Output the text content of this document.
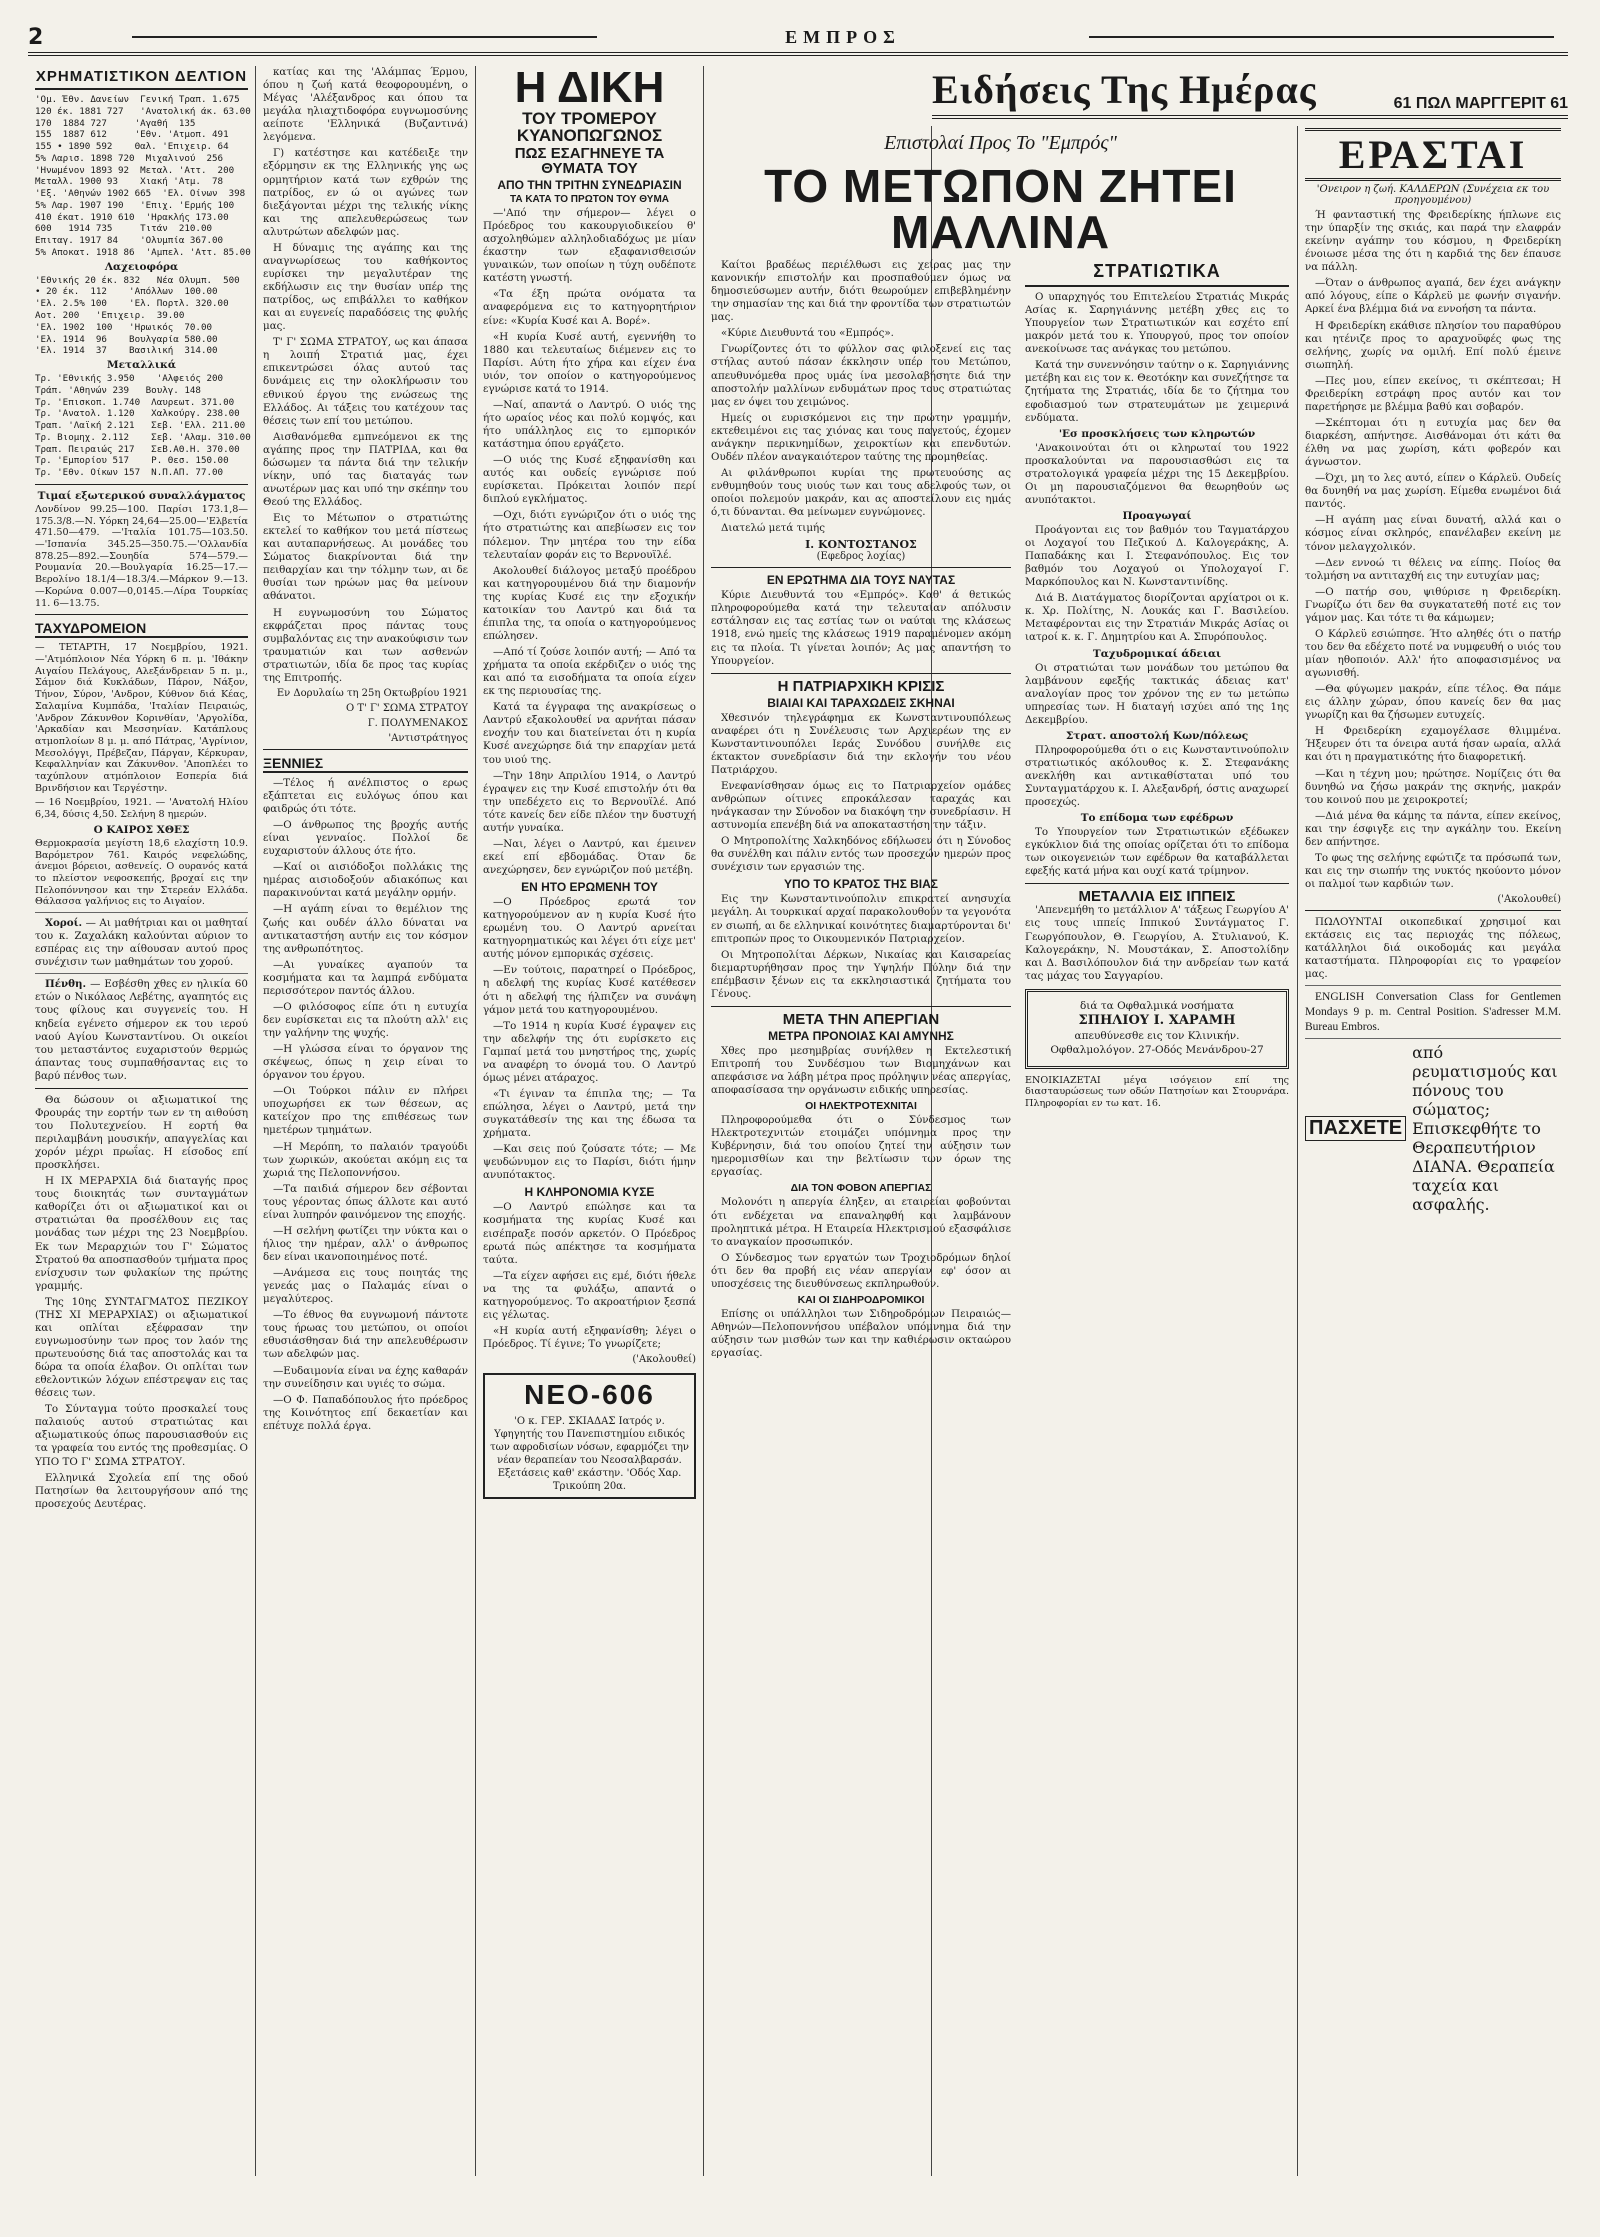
2	ΕΜΠΡΟΣ
ΧΡΗΜΑΤΙΣΤΙΚΟΝ ΔΕΛΤΙΟΝ
'Ομ. Έθν. Δανείων  Γενική Τραπ. 1.675
120 έκ. 1881 727   'Ανατολική άκ. 63.00
170  1884 727     'Αγαθή  135
155  1887 612     'Εθν. 'Ατμοπ. 491
155 • 1890 592    Θαλ. 'Επιχειρ. 64
5% Λαρισ. 1898 720  Μιχαλινού  256
'Ηνωμένον 1893 92  Μεταλ. 'Αττ.  200
Μεταλλ. 1900 93    Χιακή 'Ατμ.  78
'Εξ. 'Αθηνών 1902 665  'Ελ. Οίνων  398
5% Λαρ. 1907 190   'Επιχ. 'Ερμής 100
410 έκατ. 1910 610  'Ηρακλής 173.00
600   1914 735     Τιτάν  210.00
Επιταγ. 1917 84    'Ολυμπία 367.00
5% Αποκατ. 1918 86  'Αμπελ. 'Αττ. 85.00
Λαχειοφόρα
'Εθνικής 20 έκ. 832   Νέα Ολυμπ.  500
• 20 έκ.  112    'Απόλλων  100.00
'Ελ. 2.5% 100    'Ελ. Πορτλ. 320.00
Αοτ. 200   'Επιχειρ.  39.00
'Ελ. 1902  100   'Ηρωικός  70.00
'Ελ. 1914  96    Βουλγαρία 580.00
'Ελ. 1914  37    Βασιλική  314.00
Μεταλλικά
Τρ. 'Εθνικής 3.950    'Αλφειός 200
Τράπ. 'Αθηνών 239   Βουλγ. 148
Τρ. 'Επισκοπ. 1.740  Λαυρεωτ. 371.00
Τρ. 'Ανατολ. 1.120   Χαλκούργ. 238.00
Τραπ. 'Λαϊκή 2.121   Σεβ. 'Ελλ. 211.00
Τρ. Βιομηχ. 2.112    Σεβ. 'Αλαμ. 310.00
Τραπ. Πειραιώς 217   ΣεΒ.ΑΘ.Η. 370.00
Τρ. 'Εμπορίου 517    Ρ. Θεσ. 150.00
Τρ. 'Εθν. Οίκων 157  Ν.Π.ΑΠ. 77.00
Τιμαί εξωτερικού συναλλάγματος

Λονδίνον 99.25—100. Παρίσι 173.1,8—175.3/8.—Ν. Υόρκη 24,64—25.00—'Ελβετία 471.50—479. —'Ιταλία 101.75—103.50. —'Ισπανία 345.25—350.75.—'Ολλανδία 878.25—892.—Σουηδία 574—579.—Ρουμανία 20.—Βουλγαρία 16.25—17.—Βερολίνο 18.1/4—18.3/4.—Μάρκον 9.—13.—Κορώνα 0.007—0,0145.—Λίρα Τουρκίας 11. 6—13.75.

ΤΑΧΥΔΡΟΜΕΙΟΝ

— ΤΕΤΑΡΤΗ, 17 Νοεμβρίου, 1921. —'Ατμόπλοιον Νέα Υόρκη 6 π. μ. 'Ιθάκην Αιγαίου Πελάγους, Αλεξάνδρειαν 5 π. μ., Σάμον διά Κυκλάδων, Πάρον, Νάξον, Τήνον, Σύρον, 'Ανδρον, Κύθνον διά Κέας, Σαλαμίνα Κυμπάδα, 'Ιταλίαν Πειραιώς, 'Ανδρον Ζάκυνθον Κορινθίαν, 'Αργολίδα, 'Αρκαδίαν και Μεσσηνίαν. Κατάπλους ατμοπλοίων 8 μ. μ. από Πάτρας, 'Αγρίνιον, Μεσολόγγι, Πρέβεζαν, Πάργαν, Κέρκυραν, Κεφαλληνίαν και Ζάκυνθον. 'Αποπλέει το ταχύπλουν ατμόπλοιον Εσπερία διά Βρινδήσιον και Τεργέστην.

— 16 Νοεμβρίου, 1921. — 'Ανατολή Ηλίου 6,34, δύσις 4,50. Σελήνη 8 ημερών.

Ο ΚΑΙΡΟΣ ΧΘΕΣ

Θερμοκρασία μεγίστη 18,6 ελαχίστη 10.9. Βαρόμετρον 761. Καιρός νεφελώδης, άνεμοι βόρειοι, ασθενείς. Ο ουρανός κατά το πλείστον νεφοσκεπής, βροχαί εις την Πελοπόννησον και την Στερεάν Ελλάδα. Θάλασσα γαλήνιος εις το Αιγαίον.

Χοροί. — Αι μαθήτριαι και οι μαθηταί του κ. Ζαχαλάκη καλούνται αύριον το εσπέρας εις την αίθουσαν αυτού προς συνέχισιν των μαθημάτων του χορού.

Πένθη. — Εσβέσθη χθες εν ηλικία 60 ετών ο Νικόλαος Λεβέτης, αγαπητός εις τους φίλους και συγγενείς του. Η κηδεία εγένετο σήμερον εκ του ιερού ναού Αγίου Κωνσταντίνου. Οι οικείοι του μεταστάντος ευχαριστούν θερμώς άπαντας τους συμπαθήσαντας εις το βαρύ πένθος των.

Θα δώσουν οι αξιωματικοί της Φρουράς την εορτήν των εν τη αιθούση του Πολυτεχνείου. Η εορτή θα περιλαμβάνη μουσικήν, απαγγελίας και χορόν μέχρι πρωΐας. Η είσοδος επί προσκλήσει.

Η ΙΧ ΜΕΡΑΡΧΙΑ διά διαταγής προς τους διοικητάς των συνταγμάτων καθορίζει ότι οι αξιωματικοί και οι στρατιώται θα προσέλθουν εις τας μονάδας των μέχρι της 23 Νοεμβρίου. Εκ των Μεραρχιών του Γ' Σώματος Στρατού θα αποσπασθούν τμήματα προς ενίσχυσιν των φυλακίων της πρώτης γραμμής.

Της 10ης ΣΥΝΤΑΓΜΑΤΟΣ ΠΕΖΙΚΟΥ (ΤΗΣ ΧΙ ΜΕΡΑΡΧΙΑΣ) οι αξιωματικοί και οπλίται εξέφρασαν την ευγνωμοσύνην των προς τον λαόν της πρωτευούσης διά τας αποστολάς και τα δώρα τα οποία έλαβον. Οι οπλίται των εθελοντικών λόχων επέστρεψαν εις τας θέσεις των.

Το Σύνταγμα τούτο προσκαλεί τους παλαιούς αυτού στρατιώτας και αξιωματικούς όπως παρουσιασθούν εις τα γραφεία του εντός της προθεσμίας. Ο ΥΠΟ ΤΟ Γ' ΣΩΜΑ ΣΤΡΑΤΟΥ.

Ελληνικά Σχολεία επί της οδού Πατησίων θα λειτουργήσουν από της προσεχούς Δευτέρας.

κατίας και της 'Αλάμπας Έρμου, όπου η ζωή κατά θεοφορουμένη, ο Μέγας 'Αλέξανδρος και όπου τα μεγάλα ηλιαχτιδοφόρα ευγνωμοσύνης αείποτε 'Ελληνικά (Βυζαντινά) λεγόμενα.

Γ) κατέστησε και κατέδειξε την εξόρμησιν εκ της Ελληνικής γης ως ορμητήριον κατά των εχθρών της πατρίδος, εν ώ οι αγώνες των διεξάγονται μέχρι της τελικής νίκης και της απελευθερώσεως των αλυτρώτων αδελφών μας.

Η δύναμις της αγάπης και της αναγνωρίσεως του καθήκοντος ευρίσκει την μεγαλυτέραν της εκδήλωσιν εις την θυσίαν υπέρ της πατρίδος, ως επιβάλλει το καθήκον και αι ευγενείς παραδόσεις της φυλής μας.

Τ' Γ' ΣΩΜΑ ΣΤΡΑΤΟΥ, ως και άπασα η λοιπή Στρατιά μας, έχει επικεντρώσει όλας αυτού τας δυνάμεις εις την ολοκλήρωσιν του εθνικού έργου της ενώσεως της Ελλάδος. Αι τάξεις του κατέχουν τας θέσεις των επί του μετώπου.

Αισθανόμεθα εμπνεόμενοι εκ της αγάπης προς την ΠΑΤΡΙΔΑ, και θα δώσωμεν τα πάντα διά την τελικήν νίκην, υπό τας διαταγάς των ανωτέρων μας και υπό την σκέπην του Θεού της Ελλάδος.

Εις το Μέτωπον ο στρατιώτης εκτελεί το καθήκον του μετά πίστεως και αυταπαρνήσεως. Αι μονάδες του Σώματος διακρίνονται διά την πειθαρχίαν και την τόλμην των, αι δε θυσίαι των ηρώων μας θα μείνουν αθάνατοι.

Η ευγνωμοσύνη του Σώματος εκφράζεται προς πάντας τους συμβαλόντας εις την ανακούφισιν των τραυματιών και των ασθενών στρατιωτών, ιδία δε προς τας κυρίας της Επιτροπής.

Εν Δορυλαίω τη 25η Οκτωβρίου 1921
Ο Τ' Γ' ΣΩΜΑ ΣΤΡΑΤΟΥ
Γ. ΠΟΛΥΜΕΝΑΚΟΣ
'Αντιστράτηγος
ΞΕΝΝΙΕΣ

—Τέλος ή ανέλπιστος ο ερως εξάπτεται εις ευλόγως όπου και φαιδρώς ότι τότε.

—Ο άνθρωπος της βροχής αυτής είναι γενναίος. Πολλοί δε ευχαριστούν άλλους ότε ήτο.

—Καί οι αισιόδοξοι πολλάκις της ημέρας αισιοδοξούν αδιακόπως και παρακινούνται κατά μεγάλην ορμήν.

—Η αγάπη είναι το θεμέλιον της ζωής και ουδέν άλλο δύναται να αντικαταστήση αυτήν εις τον κόσμον της ανθρωπότητος.

—Αι γυναίκες αγαπούν τα κοσμήματα και τα λαμπρά ενδύματα περισσότερον παντός άλλου.

—Ο φιλόσοφος είπε ότι η ευτυχία δεν ευρίσκεται εις τα πλούτη αλλ' εις την γαλήνην της ψυχής.

—Η γλώσσα είναι το όργανον της σκέψεως, όπως η χειρ είναι το όργανον του έργου.

—Οι Τούρκοι πάλιν εν πλήρει υποχωρήσει εκ των θέσεων, ας κατείχον προ της επιθέσεως των ημετέρων τμημάτων.

—Η Μερόπη, το παλαιόν τραγούδι των χωρικών, ακούεται ακόμη εις τα χωριά της Πελοποννήσου.

—Τα παιδιά σήμερον δεν σέβονται τους γέροντας όπως άλλοτε και αυτό είναι λυπηρόν φαινόμενον της εποχής.

—Η σελήνη φωτίζει την νύκτα και ο ήλιος την ημέραν, αλλ' ο άνθρωπος δεν είναι ικανοποιημένος ποτέ.

—Ανάμεσα εις τους ποιητάς της γενεάς μας ο Παλαμάς είναι ο μεγαλύτερος.

—Το έθνος θα ευγνωμονή πάντοτε τους ήρωας του μετώπου, οι οποίοι εθυσιάσθησαν διά την απελευθέρωσιν των αδελφών μας.

—Ευδαιμονία είναι να έχης καθαράν την συνείδησιν και υγιές το σώμα.

—Ο Φ. Παπαδόπουλος ήτο πρόεδρος της Κοινότητος επί δεκαετίαν και επέτυχε πολλά έργα.

Η ΔΙΚΗ
ΤΟΥ ΤΡΟΜΕΡΟΥ ΚΥΑΝΟΠΩΓΩΝΟΣ
ΠΩΣ ΕΣΑΓΗΝΕΥΕ ΤΑ ΘΥΜΑΤΑ ΤΟΥ
ΑΠΟ ΤΗΝ ΤΡΙΤΗΝ ΣΥΝΕΔΡΙΑΣΙΝ
ΤΑ ΚΑΤΑ ΤΟ ΠΡΩΤΟΝ ΤΟΥ ΘΥΜΑ

—'Από την σήμερον— λέγει ο Πρόεδρος του κακουργιοδικείου θ' ασχοληθώμεν αλληλοδιαδόχως με μίαν έκαστην των εξαφανισθεισών γυναικών, των οποίων η τύχη ουδέποτε κατέστη γνωστή.

«Τα έξη πρώτα ονόματα τα αναφερόμενα εις το κατηγορητήριον είνε: «Κυρία Κυσέ και Α. Βορέ».

«Η κυρία Κυσέ αυτή, εγεννήθη το 1880 και τελευταίως διέμενεν εις το Παρίσι. Αύτη ήτο χήρα και είχεν ένα υιόν, τον οποίον ο κατηγορούμενος εγνώρισε κατά το 1914.

—Ναί, απαντά ο Λαντρύ. Ο υιός της ήτο ωραίος νέος και πολύ κομψός, και ήτο υπάλληλος εις το εμπορικόν κατάστημα όπου εργάζετο.

—Ο υιός της Κυσέ εξηφανίσθη και αυτός και ουδείς εγνώρισε πού ευρίσκεται. Πρόκειται λοιπόν περί διπλού εγκλήματος.

—Οχι, διότι εγνώριζον ότι ο υιός της ήτο στρατιώτης και απεβίωσεν εις τον πόλεμον. Την μητέρα του την είδα τελευταίαν φοράν εις το Βερνουϊλέ.

Ακολουθεί διάλογος μεταξύ προέδρου και κατηγορουμένου διά την διαμονήν της κυρίας Κυσέ εις την εξοχικήν κατοικίαν του Λαντρύ και διά τα έπιπλα της, τα οποία ο κατηγορούμενος επώλησεν.

—Από τί ζούσε λοιπόν αυτή; — Από τα χρήματα τα οποία εκέρδιζεν ο υιός της και από τα εισοδήματα τα οποία είχεν εκ της περιουσίας της.

Κατά τα έγγραφα της ανακρίσεως ο Λαντρύ εξακολουθεί να αρνήται πάσαν ενοχήν του και διατείνεται ότι η κυρία Κυσέ ανεχώρησε διά την επαρχίαν μετά του υιού της.

—Την 18ην Απριλίου 1914, ο Λαντρύ έγραψεν εις την Κυσέ επιστολήν ότι θα την υπεδέχετο εις το Βερνουϊλέ. Από τότε κανείς δεν είδε πλέον την δυστυχή αυτήν γυναίκα.

—Ναι, λέγει ο Λαντρύ, και έμεινεν εκεί επί εβδομάδας. Όταν δε ανεχώρησεν, δεν εγνώριζον πού μετέβη.

ΕΝ ΗΤΟ ΕΡΩΜΕΝΗ ΤΟΥ

—Ο Πρόεδρος ερωτά τον κατηγορούμενον αν η κυρία Κυσέ ήτο ερωμένη του. Ο Λαντρύ αρνείται κατηγορηματικώς και λέγει ότι είχε μετ' αυτής μόνον εμπορικάς σχέσεις.

—Εν τούτοις, παρατηρεί ο Πρόεδρος, η αδελφή της κυρίας Κυσέ κατέθεσεν ότι η αδελφή της ήλπιζεν να συνάψη γάμον μετά του κατηγορουμένου.

—Το 1914 η κυρία Κυσέ έγραψεν εις την αδελφήν της ότι ευρίσκετο εις Γαμπαί μετά του μνηστήρος της, χωρίς να αναφέρη το όνομά του. Ο Λαντρύ όμως μένει ατάραχος.

«Τι έγιναν τα έπιπλα της; — Τα επώλησα, λέγει ο Λαντρύ, μετά την συγκατάθεσίν της και της έδωσα τα χρήματα.

—Και σεις πού ζούσατε τότε; — Με ψευδώνυμον εις το Παρίσι, διότι ήμην ανυπότακτος.

Η ΚΛΗΡΟΝΟΜΙΑ ΚΥΣΕ

—Ο Λαντρύ επώλησε και τα κοσμήματα της κυρίας Κυσέ και εισέπραξε ποσόν αρκετόν. Ο Πρόεδρος ερωτά πώς απέκτησε τα κοσμήματα ταύτα.

—Τα είχεν αφήσει εις εμέ, διότι ήθελε να της τα φυλάξω, απαντά ο κατηγορούμενος. Το ακροατήριον ξεσπά εις γέλωτας.

«Η κυρία αυτή εξηφανίσθη; λέγει ο Πρόεδρος. Τί έγινε; Το γνωρίζετε;

('Ακολουθεί)
ΝΕΟ-606
'Ο κ. ΓΕΡ. ΣΚΙΑΔΑΣ Ιατρός ν. Υφηγητής του Πανεπιστημίου ειδικός των αφροδισίων νόσων, εφαρμόζει την νέαν θεραπείαν του Νεοσαλβαρσάν. Εξετάσεις καθ' εκάστην. 'Οδός Χαρ. Τρικούπη 20α.
Ειδήσεις Της Ημέρας	61 ΠΩΛ ΜΑΡΓΓΕΡΙΤ 61
Επιστολαί Προς Το "Εμπρός"
ΤΟ ΜΕΤΩΠΟΝ ΖΗΤΕΙ ΜΑΛΛΙΝΑ

Καίτοι βραδέως περιέλθωσι εις χείρας μας την κανονικήν επιστολήν και προσπαθούμεν όμως να δημοσιεύσωμεν αυτήν, διότι θεωρούμεν επιβεβλημένην την σημασίαν της και διά την φροντίδα των στρατιωτών μας.

«Κύριε Διευθυντά του «Εμπρός».

Γνωρίζοντες ότι το φύλλον σας φιλοξενεί εις τας στήλας αυτού πάσαν έκκλησιν υπέρ του Μετώπου, απευθυνόμεθα προς υμάς ίνα μεσολαβήσητε διά την αποστολήν μαλλίνων ενδυμάτων προς τους στρατιώτας μας εν όψει του χειμώνος.

Ημείς οι ευρισκόμενοι εις την πρώτην γραμμήν, εκτεθειμένοι εις τας χιόνας και τους παγετούς, έχομεν ανάγκην περικνημίδων, χειροκτίων και επενδυτών. Ουδέν πλέον αναγκαιότερον ταύτης της προμηθείας.

Αι φιλάνθρωποι κυρίαι της πρωτευούσης ας ενθυμηθούν τους υιούς των και τους αδελφούς των, οι οποίοι πολεμούν μακράν, και ας αποστείλουν εις ημάς ό,τι δύνανται. Θα μείνωμεν ευγνώμονες.

Διατελώ μετά τιμής

Ι. ΚΟΝΤΟΣΤΑΝΟΣ
(Εφεδρος λοχίας)
ΕΝ ΕΡΩΤΗΜΑ ΔΙΑ ΤΟΥΣ ΝΑΥΤΑΣ

Κύριε Διευθυντά του «Εμπρός». Καθ' ά θετικώς πληροφορούμεθα κατά την τελευταίαν απόλυσιν εστάλησαν εις τας εστίας των οι ναύται της κλάσεως 1918, ενώ ημείς της κλάσεως 1919 παραμένομεν ακόμη εις τα πλοία. Τι γίνεται λοιπόν; Ας μας απαντήση το Υπουργείον.

Η ΠΑΤΡΙΑΡΧΙΚΗ ΚΡΙΣΙΣ
ΒΙΑΙΑΙ ΚΑΙ ΤΑΡΑΧΩΔΕΙΣ ΣΚΗΝΑΙ

Χθεσινόν τηλεγράφημα εκ Κωνσταντινουπόλεως αναφέρει ότι η Συνέλευσις των Αρχιερέων της εν Κωνσταντινουπόλει Ιεράς Συνόδου συνήλθε εις έκτακτον συνεδρίασιν διά την εκλογήν του νέου Πατριάρχου.

Ενεφανίσθησαν όμως εις το Πατριαρχείον ομάδες ανθρώπων οίτινες επροκάλεσαν ταραχάς και ηνάγκασαν την Σύνοδον να διακόψη την συνεδρίασιν. Η αστυνομία επενέβη διά να αποκαταστήση την τάξιν.

Ο Μητροπολίτης Χαλκηδόνος εδήλωσεν ότι η Σύνοδος θα συνέλθη και πάλιν εντός των προσεχών ημερών προς συνέχισιν των εργασιών της.

ΥΠΟ ΤΟ ΚΡΑΤΟΣ ΤΗΣ ΒΙΑΣ

Εις την Κωνσταντινούπολιν επικρατεί ανησυχία μεγάλη. Αι τουρκικαί αρχαί παρακολουθούν τα γεγονότα εν σιωπή, αι δε ελληνικαί κοινότητες διαμαρτύρονται δι' επιτροπών προς το Οικουμενικόν Πατριαρχείον.

Οι Μητροπολίται Δέρκων, Νικαίας και Καισαρείας διεμαρτυρήθησαν προς την Υψηλήν Πύλην διά την επέμβασιν ξένων εις τα εκκλησιαστικά ζητήματα του Γένους.

ΜΕΤΑ ΤΗΝ ΑΠΕΡΓΙΑΝ
ΜΕΤΡΑ ΠΡΟΝΟΙΑΣ ΚΑΙ ΑΜΥΝΗΣ

Χθες προ μεσημβρίας συνήλθεν η Εκτελεστική Επιτροπή του Συνδέσμου των Βιομηχάνων και απεφάσισε να λάβη μέτρα προς πρόληψιν νέας απεργίας, αποφασίσασα την οργάνωσιν ειδικής υπηρεσίας.

ΟΙ ΗΛΕΚΤΡΟΤΕΧΝΙΤΑΙ

Πληροφορούμεθα ότι ο Σύνδεσμος των Ηλεκτροτεχνιτών ετοιμάζει υπόμνημα προς την Κυβέρνησιν, διά του οποίου ζητεί την αύξησιν των ημερομισθίων και την βελτίωσιν των όρων της εργασίας.

ΔΙΑ ΤΟΝ ΦΟΒΟΝ ΑΠΕΡΓΙΑΣ

Μολονότι η απεργία έληξεν, αι εταιρείαι φοβούνται ότι ενδέχεται να επαναληφθή και λαμβάνουν προληπτικά μέτρα. Η Εταιρεία Ηλεκτρισμού εξασφάλισε το αναγκαίον προσωπικόν.

Ο Σύνδεσμος των εργατών των Τροχιοδρόμων δηλοί ότι δεν θα προβή εις νέαν απεργίαν εφ' όσον αι υποσχέσεις της διευθύνσεως εκπληρωθούν.

ΚΑΙ ΟΙ ΣΙΔΗΡΟΔΡΟΜΙΚΟΙ

Επίσης οι υπάλληλοι των Σιδηροδρόμων Πειραιώς—Αθηνών—Πελοποννήσου υπέβαλον υπόμνημα διά την αύξησιν των μισθών των και την καθιέρωσιν οκταώρου εργασίας.

ΣΤΡΑΤΙΩΤΙΚΑ

Ο υπαρχηγός του Επιτελείου Στρατιάς Μικράς Ασίας κ. Σαρηγιάννης μετέβη χθες εις το Υπουργείον των Στρατιωτικών και εσχέτο επί μακρόν μετά του κ. Υπουργού, προς τον οποίον ανεκοίνωσε τας ανάγκας του μετώπου.

Κατά την συνεννόησιν ταύτην ο κ. Σαρηγιάννης μετέβη και εις τον κ. Θεοτόκην και συνεζήτησε τα ζητήματα της Στρατιάς, ιδία δε το ζήτημα του εφοδιασμού των στρατευμάτων με χειμερινά ενδύματα.

'Εσ προσκλήσεις των κληρωτών

'Ανακοινούται ότι οι κληρωταί του 1922 προσκαλούνται να παρουσιασθώσι εις τα στρατολογικά γραφεία μέχρι της 15 Δεκεμβρίου. Οι μη παρουσιαζόμενοι θα θεωρηθούν ως ανυπότακτοι.

Προαγωγαί

Προάγονται εις τον βαθμόν του Ταγματάρχου οι Λοχαγοί του Πεζικού Δ. Καλογεράκης, Α. Παπαδάκης και Ι. Στεφανόπουλος. Εις τον βαθμόν του Λοχαγού οι Υπολοχαγοί Γ. Μαρκόπουλος και Ν. Κωνσταντινίδης.

Διά Β. Διατάγματος διορίζονται αρχίατροι οι κ. κ. Χρ. Πολίτης, Ν. Λουκάς και Γ. Βασιλείου. Μεταφέρονται εις την Στρατιάν Μικράς Ασίας οι ιατροί κ. κ. Γ. Δημητρίου και Α. Σπυρόπουλος.

Ταχυδρομικαί άδειαι

Οι στρατιώται των μονάδων του μετώπου θα λαμβάνουν εφεξής τακτικάς άδειας κατ' αναλογίαν προς τον χρόνον της εν τω μετώπω υπηρεσίας των. Η διαταγή ισχύει από της 1ης Δεκεμβρίου.

Στρατ. αποστολή Κων/πόλεως

Πληροφορούμεθα ότι ο εις Κωνσταντινούπολιν στρατιωτικός ακόλουθος κ. Σ. Στεφανάκης ανεκλήθη και αντικαθίσταται υπό του Συνταγματάρχου κ. Ι. Αλεξανδρή, όστις αναχωρεί προσεχώς.

Το επίδομα των εφέδρων

Το Υπουργείον των Στρατιωτικών εξέδωκεν εγκύκλιον διά της οποίας ορίζεται ότι το επίδομα των οικογενειών των εφέδρων θα καταβάλλεται εφεξής κατά μήνα και ουχί κατά τρίμηνον.

ΜΕΤΑΛΛΙΑ ΕΙΣ ΙΠΠΕΙΣ

'Απενεμήθη το μετάλλιον Α' τάξεως Γεωργίου Α' εις τους ιππείς Ιππικού Συντάγματος Γ. Γεωργόπουλον, Θ. Γεωργίου, Α. Στυλιανού, Κ. Καλογεράκην, Ν. Μουστάκαν, Σ. Αποστολίδην και Δ. Βασιλόπουλον διά την ανδρείαν των κατά τας μάχας του Σαγγαρίου.

διά τα Οφθαλμικά νοσήματα
ΣΠΗΛΙΟΥ Ι. ΧΑΡΑΜΗ
απευθύνεσθε εις τον Κλινικήν. Οφθαλμολόγον. 27-Οδός Μενάνδρου-27

ΕΝΟΙΚΙΑΖΕΤΑΙ μέγα ισόγειον επί της διασταυρώσεως των οδών Πατησίων και Στουρνάρα. Πληροφορίαι εν τω κατ. 16.

ΕΡΑΣΤΑΙ
'Ονειρον η ζωή. ΚΑΛΔΕΡΩΝ (Συνέχεια εκ του προηγουμένου)

Ή φανταστική της Φρειδερίκης ήπλωνε εις την ύπαρξίν της σκιάς, και παρά την ελαφράν εκείνην αγάπην του κόσμου, η Φρειδερίκη ένοιωσε μέσα της ότι η καρδιά της δεν έπαυσε να πάλλη.

—Όταν ο άνθρωπος αγαπά, δεν έχει ανάγκην από λόγους, είπε ο Κάρλεϋ με φωνήν σιγανήν. Αρκεί ένα βλέμμα διά να εννοήση τα πάντα.

Η Φρειδερίκη εκάθισε πλησίον του παραθύρου και ητένιζε προς το αραχνοϋφές φως της σελήνης, χωρίς να ομιλή. Επί πολύ έμεινε σιωπηλή.

—Πες μου, είπεν εκείνος, τι σκέπτεσαι; Η Φρειδερίκη εστράφη προς αυτόν και τον παρετήρησε με βλέμμα βαθύ και σοβαρόν.

—Σκέπτομαι ότι η ευτυχία μας δεν θα διαρκέση, απήντησε. Αισθάνομαι ότι κάτι θα έλθη να μας χωρίση, κάτι φοβερόν και άγνωστον.

—Όχι, μη το λες αυτό, είπεν ο Κάρλεϋ. Ουδείς θα δυνηθή να μας χωρίση. Είμεθα ενωμένοι διά παντός.

—Η αγάπη μας είναι δυνατή, αλλά και ο κόσμος είναι σκληρός, επανέλαβεν εκείνη με τόνον μελαγχολικόν.

—Δεν εννοώ τι θέλεις να είπης. Ποίος θα τολμήση να αντιταχθή εις την ευτυχίαν μας;

—Ο πατήρ σου, ψιθύρισε η Φρειδερίκη. Γνωρίζω ότι δεν θα συγκατατεθή ποτέ εις τον γάμον μας. Και τότε τι θα κάμωμεν;

Ο Κάρλεϋ εσιώπησε. Ήτο αληθές ότι ο πατήρ του δεν θα εδέχετο ποτέ να νυμφευθή ο υιός του μίαν ηθοποιόν. Αλλ' ήτο αποφασισμένος να αγωνισθή.

—Θα φύγωμεν μακράν, είπε τέλος. Θα πάμε εις άλλην χώραν, όπου κανείς δεν θα μας γνωρίζη και θα ζήσωμεν ευτυχείς.

Η Φρειδερίκη εχαμογέλασε θλιμμένα. Ήξευρεν ότι τα όνειρα αυτά ήσαν ωραία, αλλά και ότι η πραγματικότης ήτο διαφορετική.

—Και η τέχνη μου; ηρώτησε. Νομίζεις ότι θα δυνηθώ να ζήσω μακράν της σκηνής, μακράν του κοινού που με χειροκροτεί;

—Διά μένα θα κάμης τα πάντα, είπεν εκείνος, και την έσφιγξε εις την αγκάλην του. Εκείνη δεν απήντησε.

Το φως της σελήνης εφώτιζε τα πρόσωπά των, και εις την σιωπήν της νυκτός ηκούοντο μόνον οι παλμοί των καρδιών των.

('Ακολουθεί)

ΠΩΛΟΥΝΤΑΙ οικοπεδικαί χρησιμοί και εκτάσεις εις τας περιοχάς της πόλεως, κατάλληλοι διά οικοδομάς και μεγάλα καταστήματα. Πληροφορίαι εις το γραφείον μας.

ENGLISH Conversation Class for Gentlemen Mondays 9 p. m. Central Position. S'adresser M.M. Bureau Embros.

ΠΑΣΧΕΤΕ
από ρευματισμούς και πόνους του σώματος; Επισκεφθήτε το Θεραπευτήριον ΔΙΑΝΑ. Θεραπεία ταχεία και ασφαλής.
